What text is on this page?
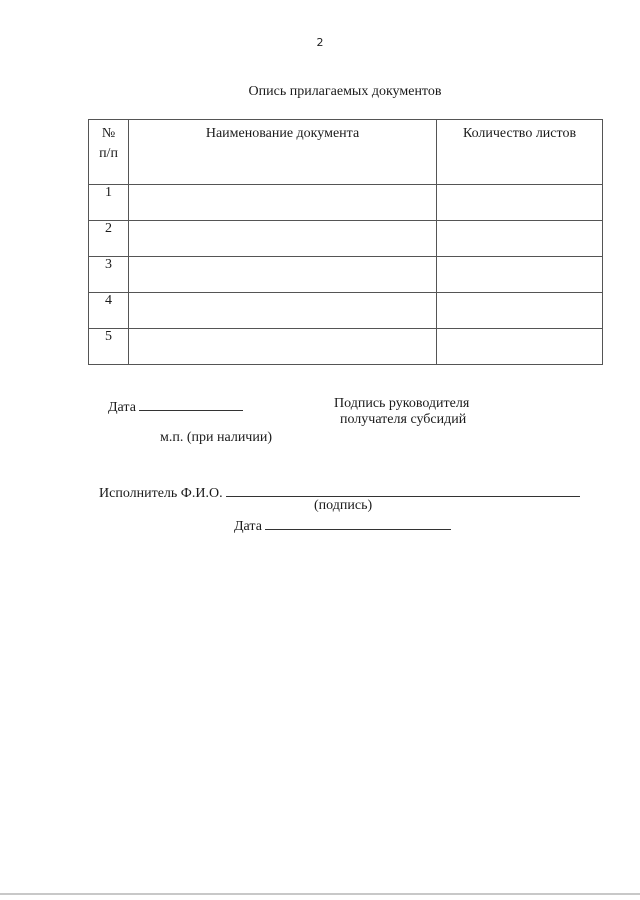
2
Опись прилагаемых документов
№
п/п	Наименование документа	Количество листов
1		
2		
3		
4		
5		
Дата	Подпись руководителя
получателя субсидий
м.п. (при наличии)
Исполнитель Ф.И.О.
(подпись)
Дата
